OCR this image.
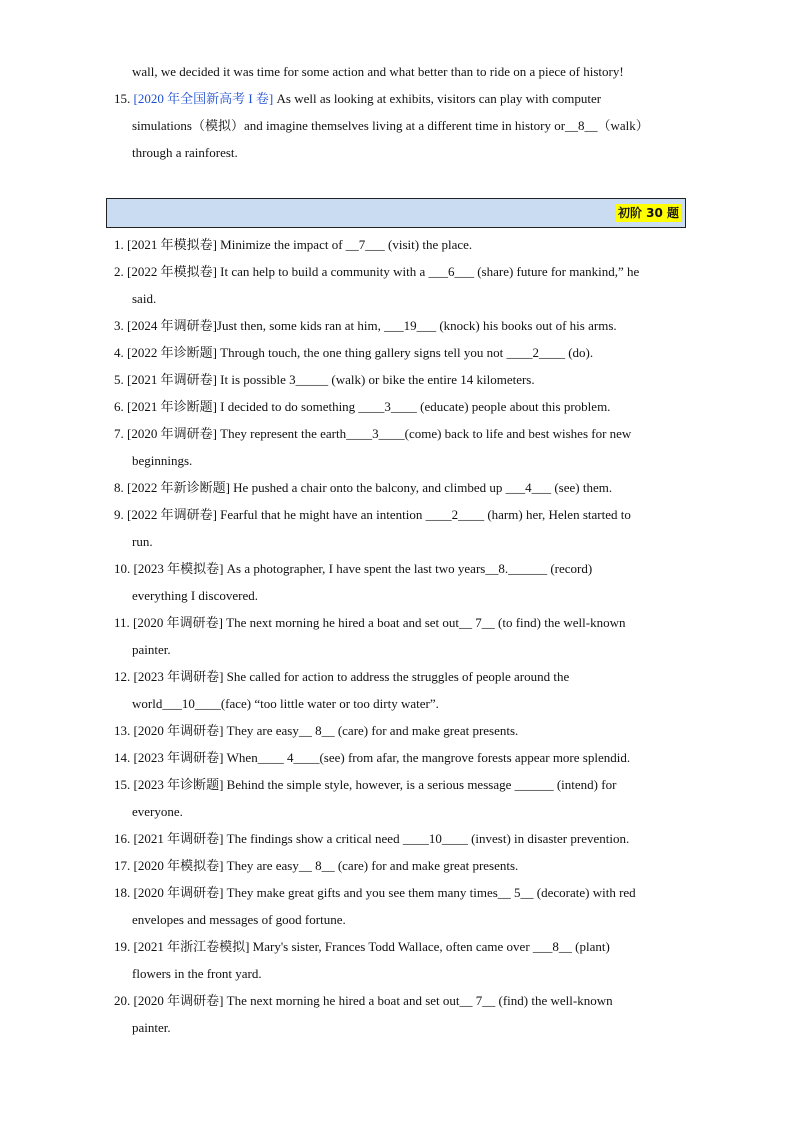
wall, we decided it was time for some action and what better than to ride on a piece of history!
15. [2020 年全国新高考 I 卷] As well as looking at exhibits, visitors can play with computer
simulations（模拟）and imagine themselves living at a different time in history or__8__（walk）
through a rainforest.
初阶 30 题
1. [2021 年模拟卷] Minimize the impact of __7___ (visit) the place.
2. [2022 年模拟卷] It can help to build a community with a ___6___ (share) future for mankind,” he
said.
3. [2024 年调研卷]Just then, some kids ran at him, ___19___ (knock) his books out of his arms.
4. [2022 年诊断题] Through touch, the one thing gallery signs tell you not ____2____ (do).
5. [2021 年调研卷] It is possible 3_____ (walk) or bike the entire 14 kilometers.
6. [2021 年诊断题] I decided to do something ____3____ (educate) people about this problem.
7. [2020 年调研卷] They represent the earth____3____(come) back to life and best wishes for new
beginnings.
8. [2022 年新诊断题] He pushed a chair onto the balcony, and climbed up ___4___ (see) them.
9. [2022 年调研卷] Fearful that he might have an intention ____2____ (harm) her, Helen started to
run.
10. [2023 年模拟卷] As a photographer, I have spent the last two years__8.______ (record)
everything I discovered.
11. [2020 年调研卷] The next morning he hired a boat and set out__ 7__ (to find) the well-known
painter.
12. [2023 年调研卷] She called for action to address the struggles of people around the
world___10____(face) “too little water or too dirty water”.
13. [2020 年调研卷] They are easy__ 8__ (care) for and make great presents.
14. [2023 年调研卷] When____ 4____(see) from afar, the mangrove forests appear more splendid.
15. [2023 年诊断题] Behind the simple style, however, is a serious message ______ (intend) for
everyone.
16. [2021 年调研卷] The findings show a critical need ____10____ (invest) in disaster prevention.
17. [2020 年模拟卷] They are easy__ 8__ (care) for and make great presents.
18. [2020 年调研卷] They make great gifts and you see them many times__ 5__ (decorate) with red
envelopes and messages of good fortune.
19. [2021 年浙江卷模拟] Mary's sister, Frances Todd Wallace, often came over ___8__ (plant)
flowers in the front yard.
20. [2020 年调研卷] The next morning he hired a boat and set out__ 7__ (find) the well-known
painter.
